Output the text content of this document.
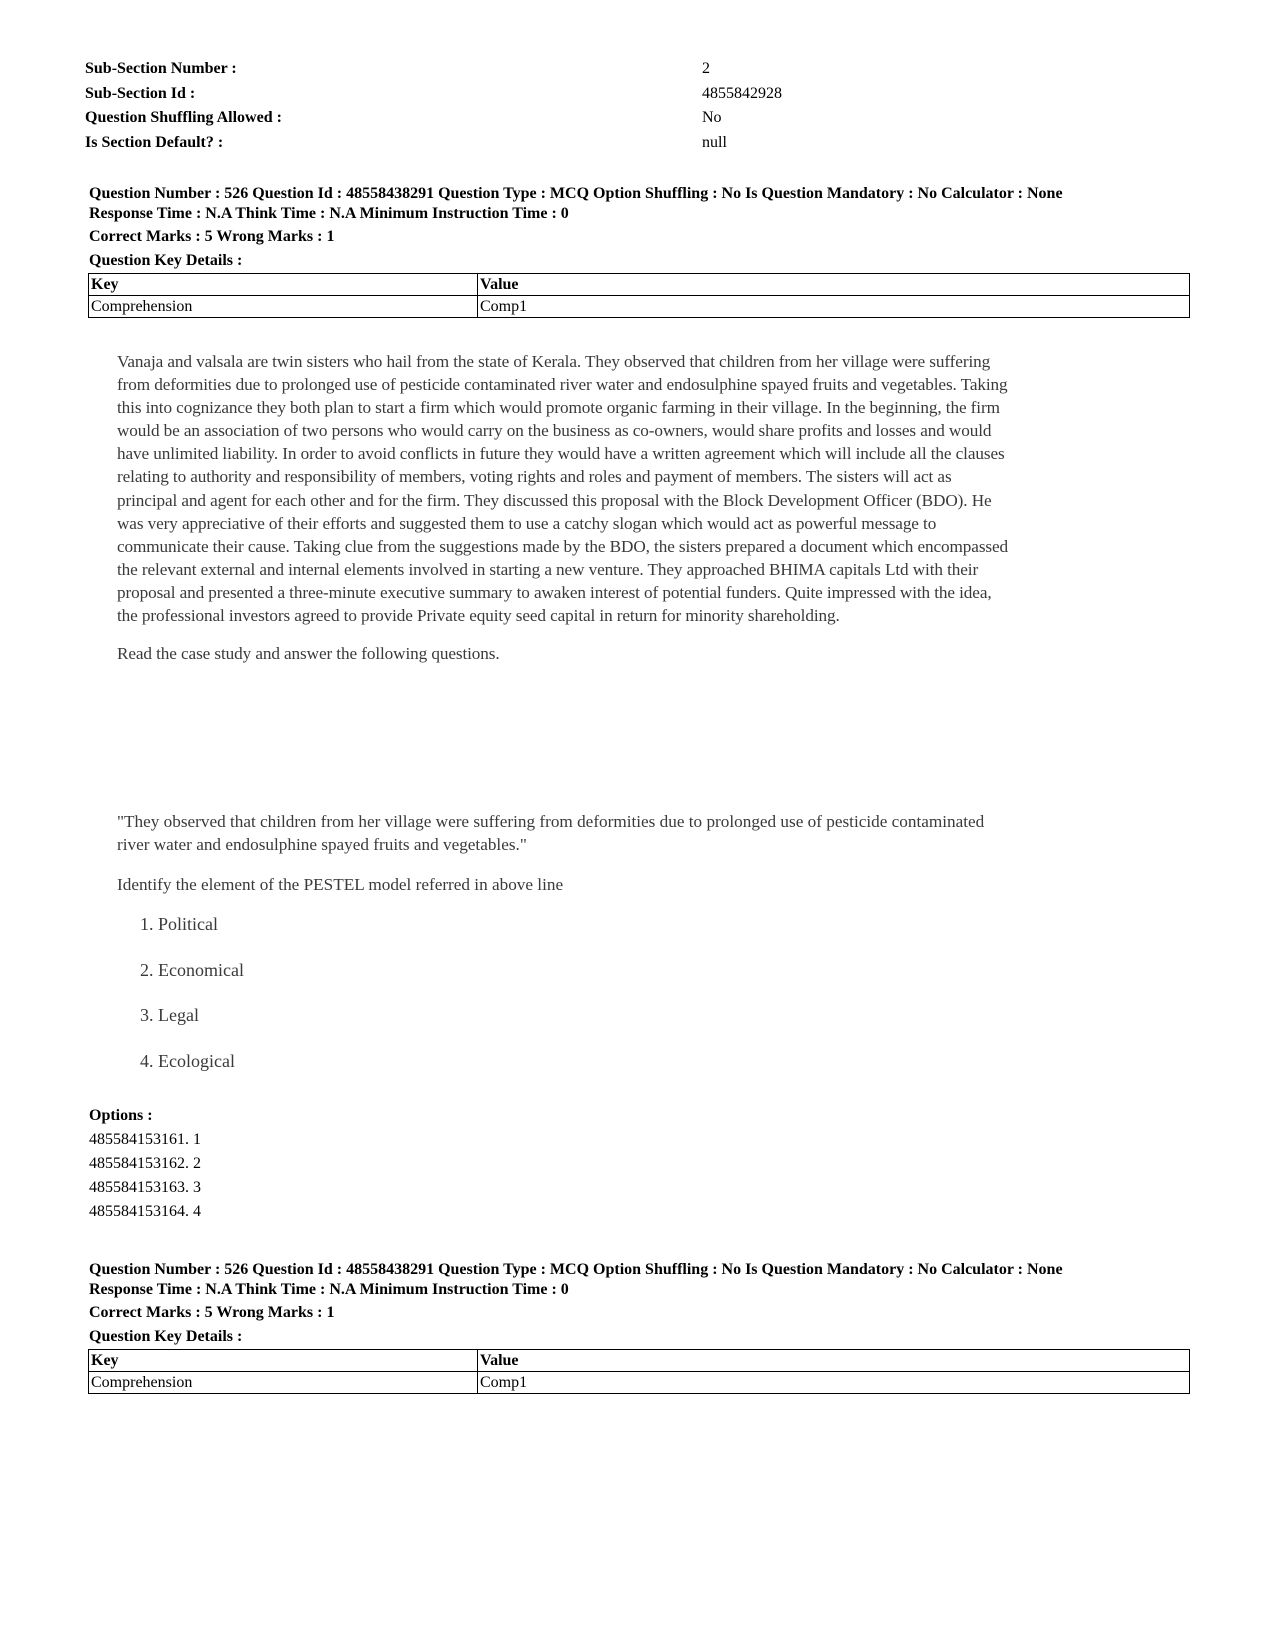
Sub-Section Number :	2
Sub-Section Id :	4855842928
Question Shuffling Allowed :	No
Is Section Default? :	null
Question Number : 526 Question Id : 48558438291 Question Type : MCQ Option Shuffling : No Is Question Mandatory : No Calculator : None
Response Time : N.A Think Time : N.A Minimum Instruction Time : 0
Correct Marks : 5 Wrong Marks : 1
Question Key Details :
Key	Value
Comprehension	Comp1

Vanaja and valsala are twin sisters who hail from the state of Kerala. They observed that children from her village were suffering from deformities due to prolonged use of pesticide contaminated river water and endosulphine spayed fruits and vegetables. Taking this into cognizance they both plan to start a firm which would promote organic farming in their village. In the beginning, the firm would be an association of two persons who would carry on the business as co-owners, would share profits and losses and would have unlimited liability. In order to avoid conflicts in future they would have a written agreement which will include all the clauses relating to authority and responsibility of members, voting rights and roles and payment of members. The sisters will act as principal and agent for each other and for the firm. They discussed this proposal with the Block Development Officer (BDO). He was very appreciative of their efforts and suggested them to use a catchy slogan which would act as powerful message to communicate their cause. Taking clue from the suggestions made by the BDO, the sisters prepared a document which encompassed the relevant external and internal elements involved in starting a new venture. They approached BHIMA capitals Ltd with their proposal and presented a three-minute executive summary to awaken interest of potential funders. Quite impressed with the idea, the professional investors agreed to provide Private equity seed capital in return for minority shareholding.

Read the case study and answer the following questions.

"They observed that children from her village were suffering from deformities due to prolonged use of pesticide contaminated river water and endosulphine spayed fruits and vegetables."
Identify the element of the PESTEL model referred in above line
1. Political
2. Economical
3. Legal
4. Ecological
Options :
485584153161. 1
485584153162. 2
485584153163. 3
485584153164. 4
Question Number : 526 Question Id : 48558438291 Question Type : MCQ Option Shuffling : No Is Question Mandatory : No Calculator : None
Response Time : N.A Think Time : N.A Minimum Instruction Time : 0
Correct Marks : 5 Wrong Marks : 1
Question Key Details :
Key	Value
Comprehension	Comp1
